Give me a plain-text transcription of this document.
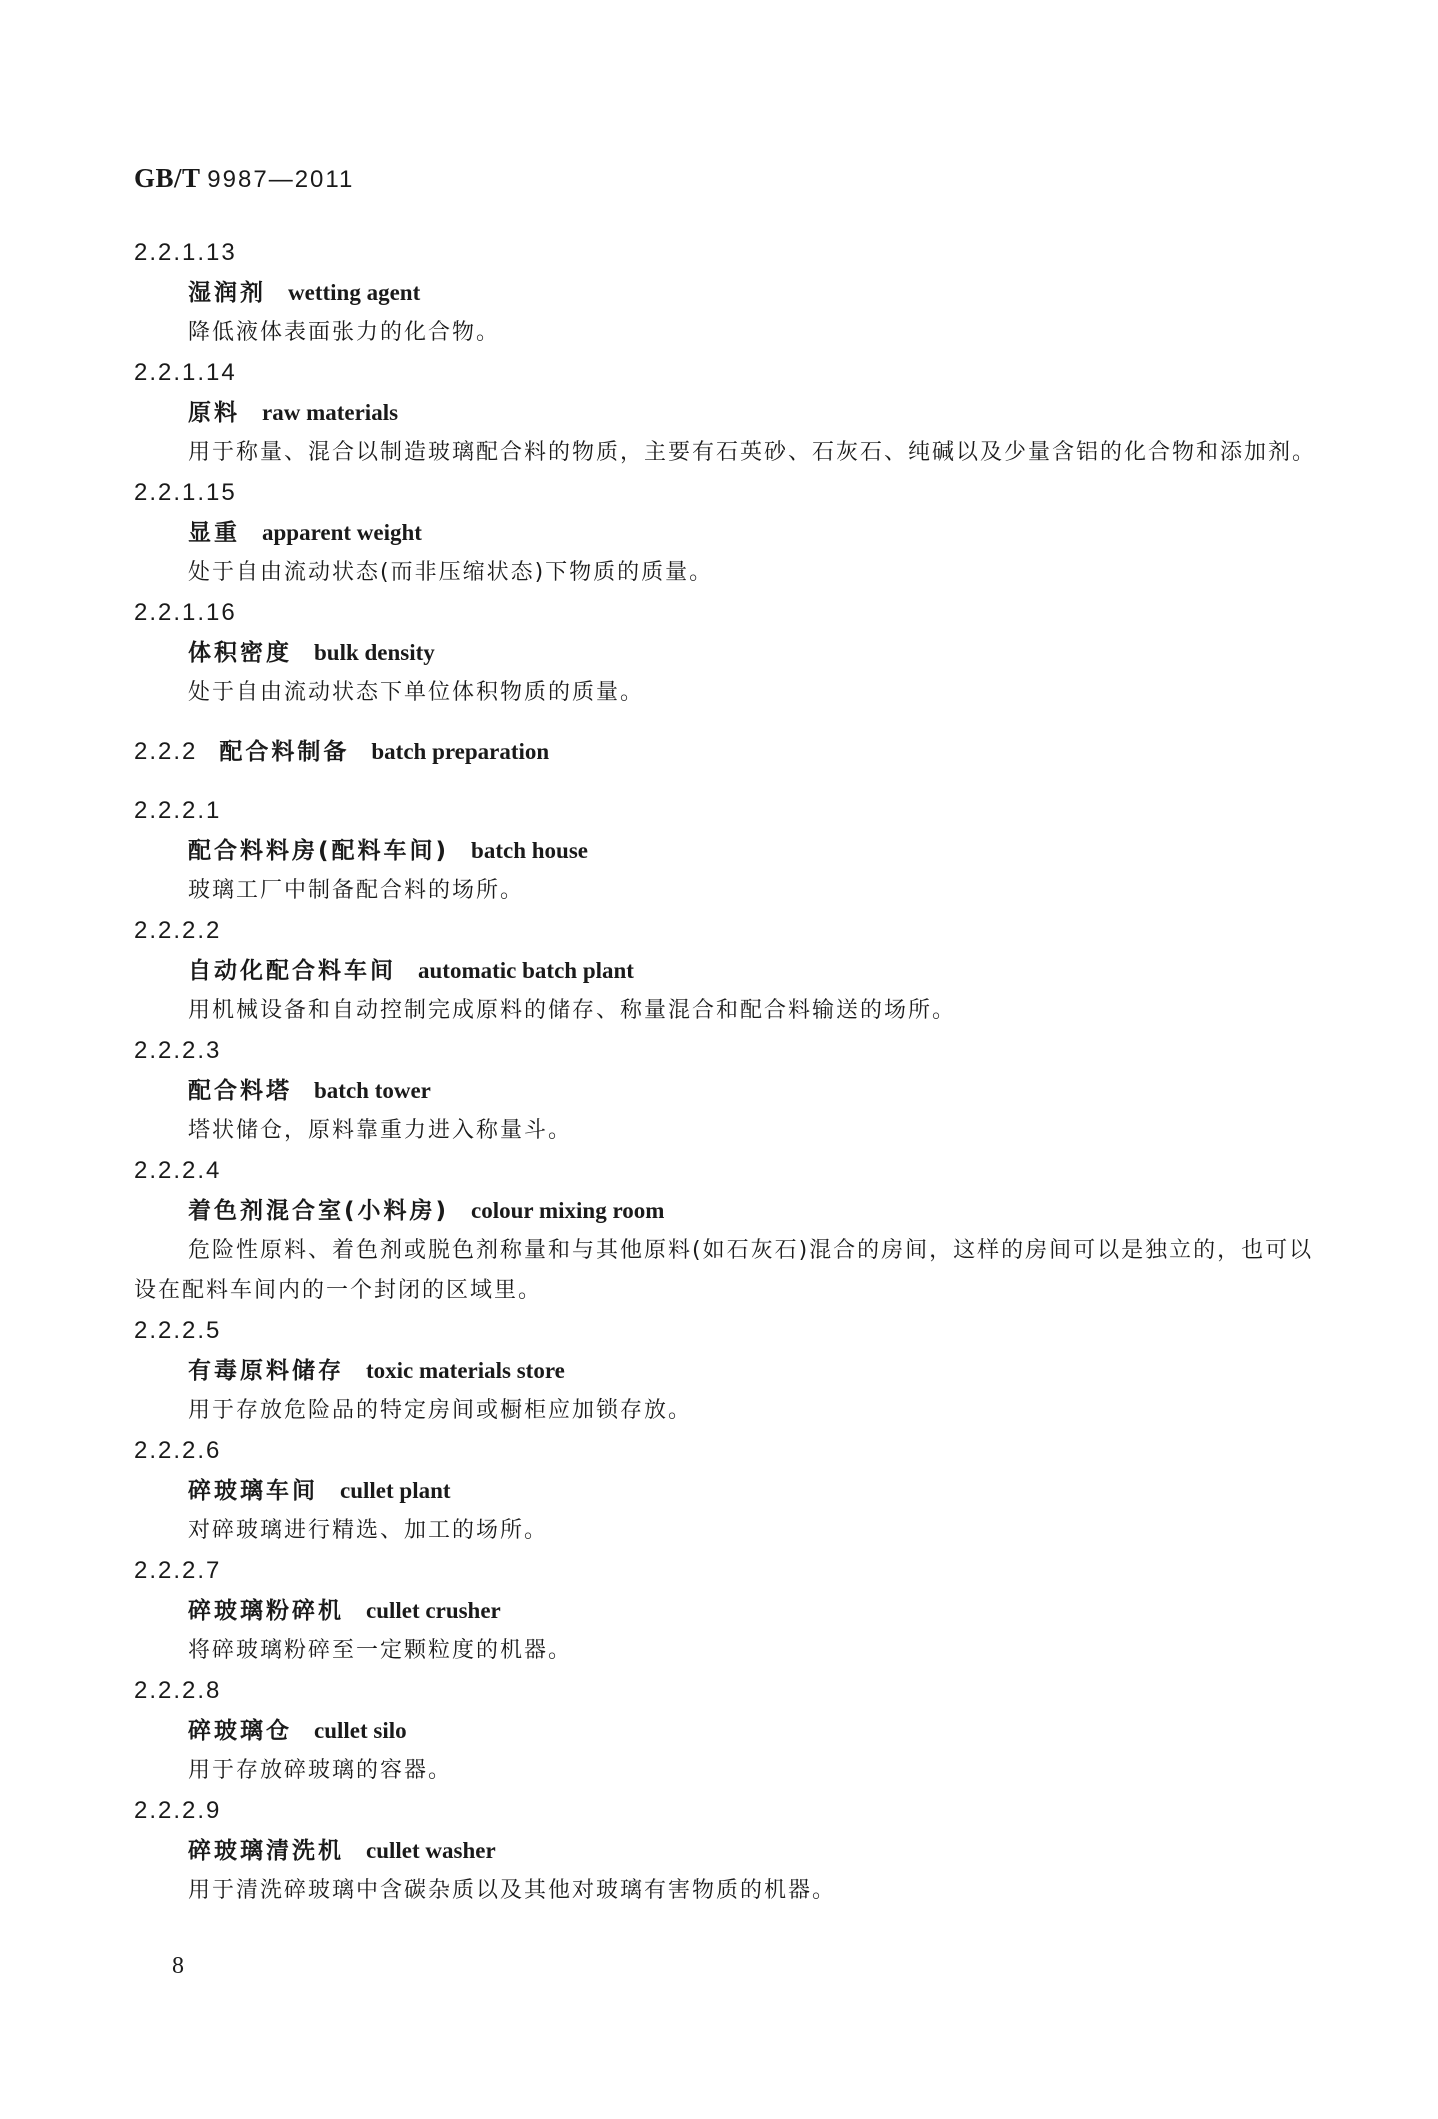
GB/T 9987—2011
2.2.1.13
湿润剂 wetting agent
降低液体表面张力的化合物。
2.2.1.14
原料 raw materials
用于称量、混合以制造玻璃配合料的物质，主要有石英砂、石灰石、纯碱以及少量含铝的化合物和添加剂。
2.2.1.15
显重 apparent weight
处于自由流动状态(而非压缩状态)下物质的质量。
2.2.1.16
体积密度 bulk density
处于自由流动状态下单位体积物质的质量。
2.2.2 配合料制备 batch preparation
2.2.2.1
配合料料房(配料车间) batch house
玻璃工厂中制备配合料的场所。
2.2.2.2
自动化配合料车间 automatic batch plant
用机械设备和自动控制完成原料的储存、称量混合和配合料输送的场所。
2.2.2.3
配合料塔 batch tower
塔状储仓，原料靠重力进入称量斗。
2.2.2.4
着色剂混合室(小料房) colour mixing room
危险性原料、着色剂或脱色剂称量和与其他原料(如石灰石)混合的房间，这样的房间可以是独立的，也可以设在配料车间内的一个封闭的区域里。
2.2.2.5
有毒原料储存 toxic materials store
用于存放危险品的特定房间或橱柜应加锁存放。
2.2.2.6
碎玻璃车间 cullet plant
对碎玻璃进行精选、加工的场所。
2.2.2.7
碎玻璃粉碎机 cullet crusher
将碎玻璃粉碎至一定颗粒度的机器。
2.2.2.8
碎玻璃仓 cullet silo
用于存放碎玻璃的容器。
2.2.2.9
碎玻璃清洗机 cullet washer
用于清洗碎玻璃中含碳杂质以及其他对玻璃有害物质的机器。
8
